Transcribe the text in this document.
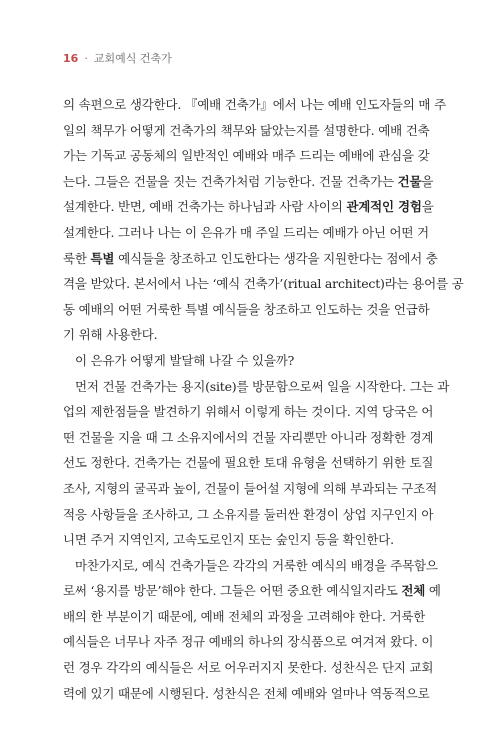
16 · 교회예식 건축가
의 속편으로 생각한다. 『예배 건축가』에서 나는 예배 인도자들의 매 주
일의 책무가 어떻게 건축가의 책무와 닮았는지를 설명한다. 예배 건축
가는 기독교 공동체의 일반적인 예배와 매주 드리는 예배에 관심을 갖
는다. 그들은 건물을 짓는 건축가처럼 기능한다. 건물 건축가는 건물을
설계한다. 반면, 예배 건축가는 하나님과 사람 사이의 관계적인 경험을
설계한다. 그러나 나는 이 은유가 매 주일 드리는 예배가 아닌 어떤 거
룩한 특별 예식들을 창조하고 인도한다는 생각을 지원한다는 점에서 충
격을 받았다. 본서에서 나는 ‘예식 건축가’(ritual architect)라는 용어를 공
동 예배의 어떤 거룩한 특별 예식들을 창조하고 인도하는 것을 언급하
기 위해 사용한다.
이 은유가 어떻게 발달해 나갈 수 있을까?
먼저 건물 건축가는 용지(site)를 방문함으로써 일을 시작한다. 그는 과
업의 제한점들을 발견하기 위해서 이렇게 하는 것이다. 지역 당국은 어
떤 건물을 지을 때 그 소유지에서의 건물 자리뿐만 아니라 정확한 경계
선도 정한다. 건축가는 건물에 필요한 토대 유형을 선택하기 위한 토질
조사, 지형의 굴곡과 높이, 건물이 들어설 지형에 의해 부과되는 구조적
적응 사항들을 조사하고, 그 소유지를 둘러싼 환경이 상업 지구인지 아
니면 주거 지역인지, 고속도로인지 또는 숲인지 등을 확인한다.
마찬가지로, 예식 건축가들은 각각의 거룩한 예식의 배경을 주목함으
로써 ‘용지를 방문’해야 한다. 그들은 어떤 중요한 예식일지라도 전체 예
배의 한 부분이기 때문에, 예배 전체의 과정을 고려해야 한다. 거룩한
예식들은 너무나 자주 정규 예배의 하나의 장식품으로 여겨져 왔다. 이
런 경우 각각의 예식들은 서로 어우러지지 못한다. 성찬식은 단지 교회
력에 있기 때문에 시행된다. 성찬식은 전체 예배와 얼마나 역동적으로
